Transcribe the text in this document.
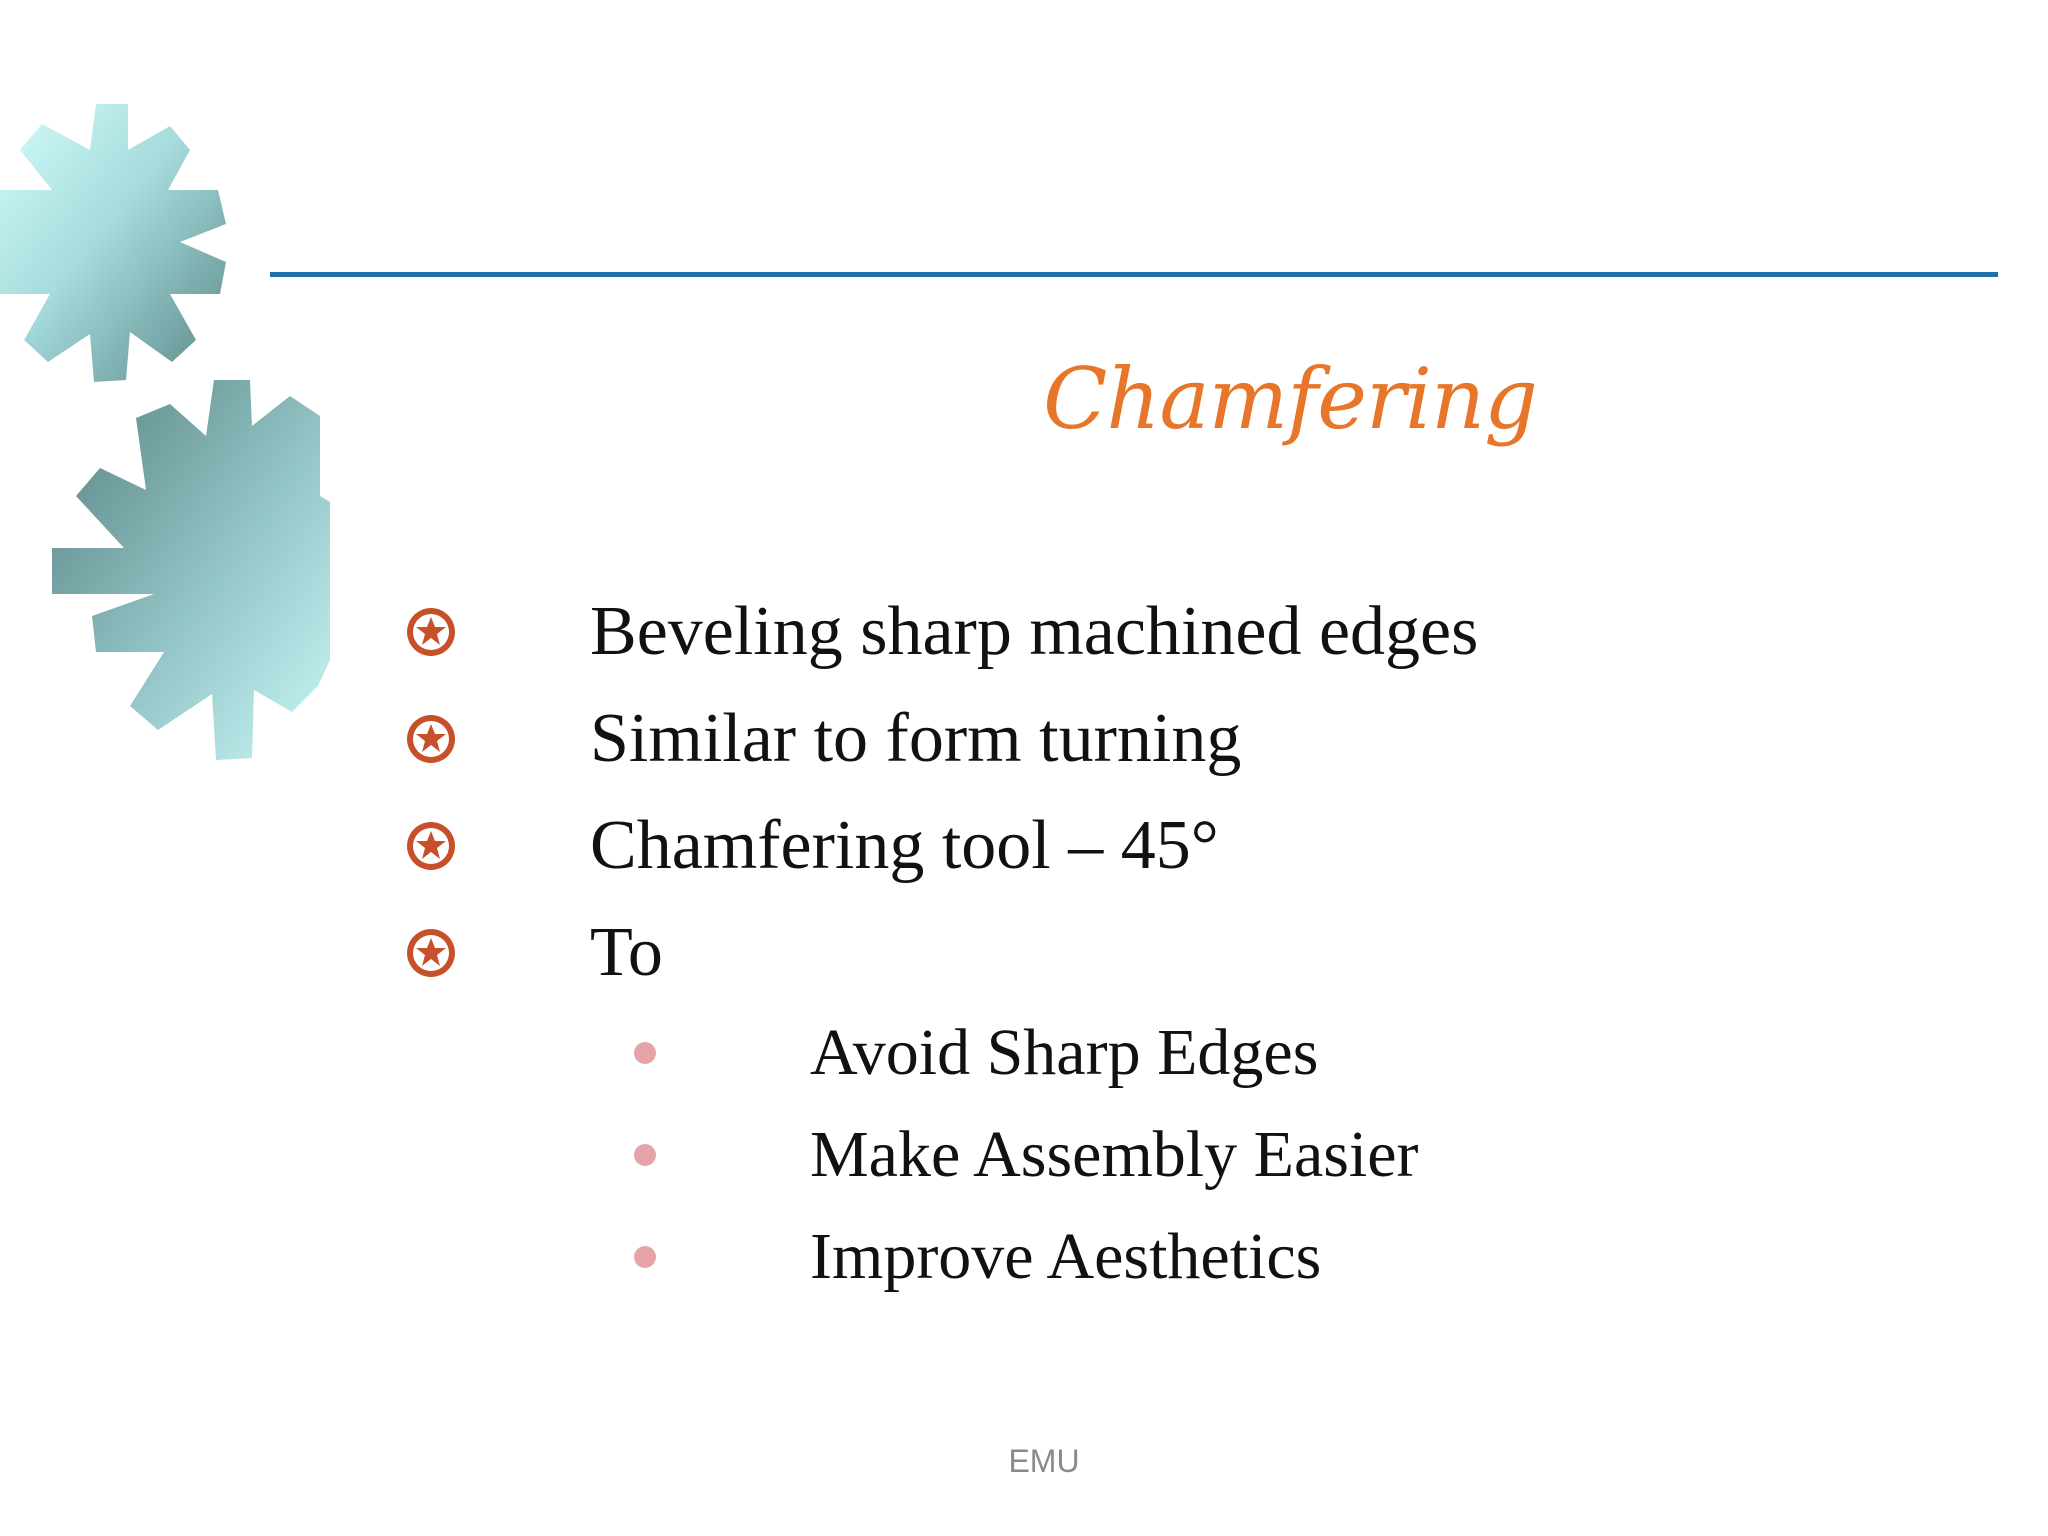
Chamfering
Beveling sharp machined edges
Similar to form turning
Chamfering tool – 45°
To
Avoid Sharp Edges
Make Assembly Easier
Improve Aesthetics
EMU
